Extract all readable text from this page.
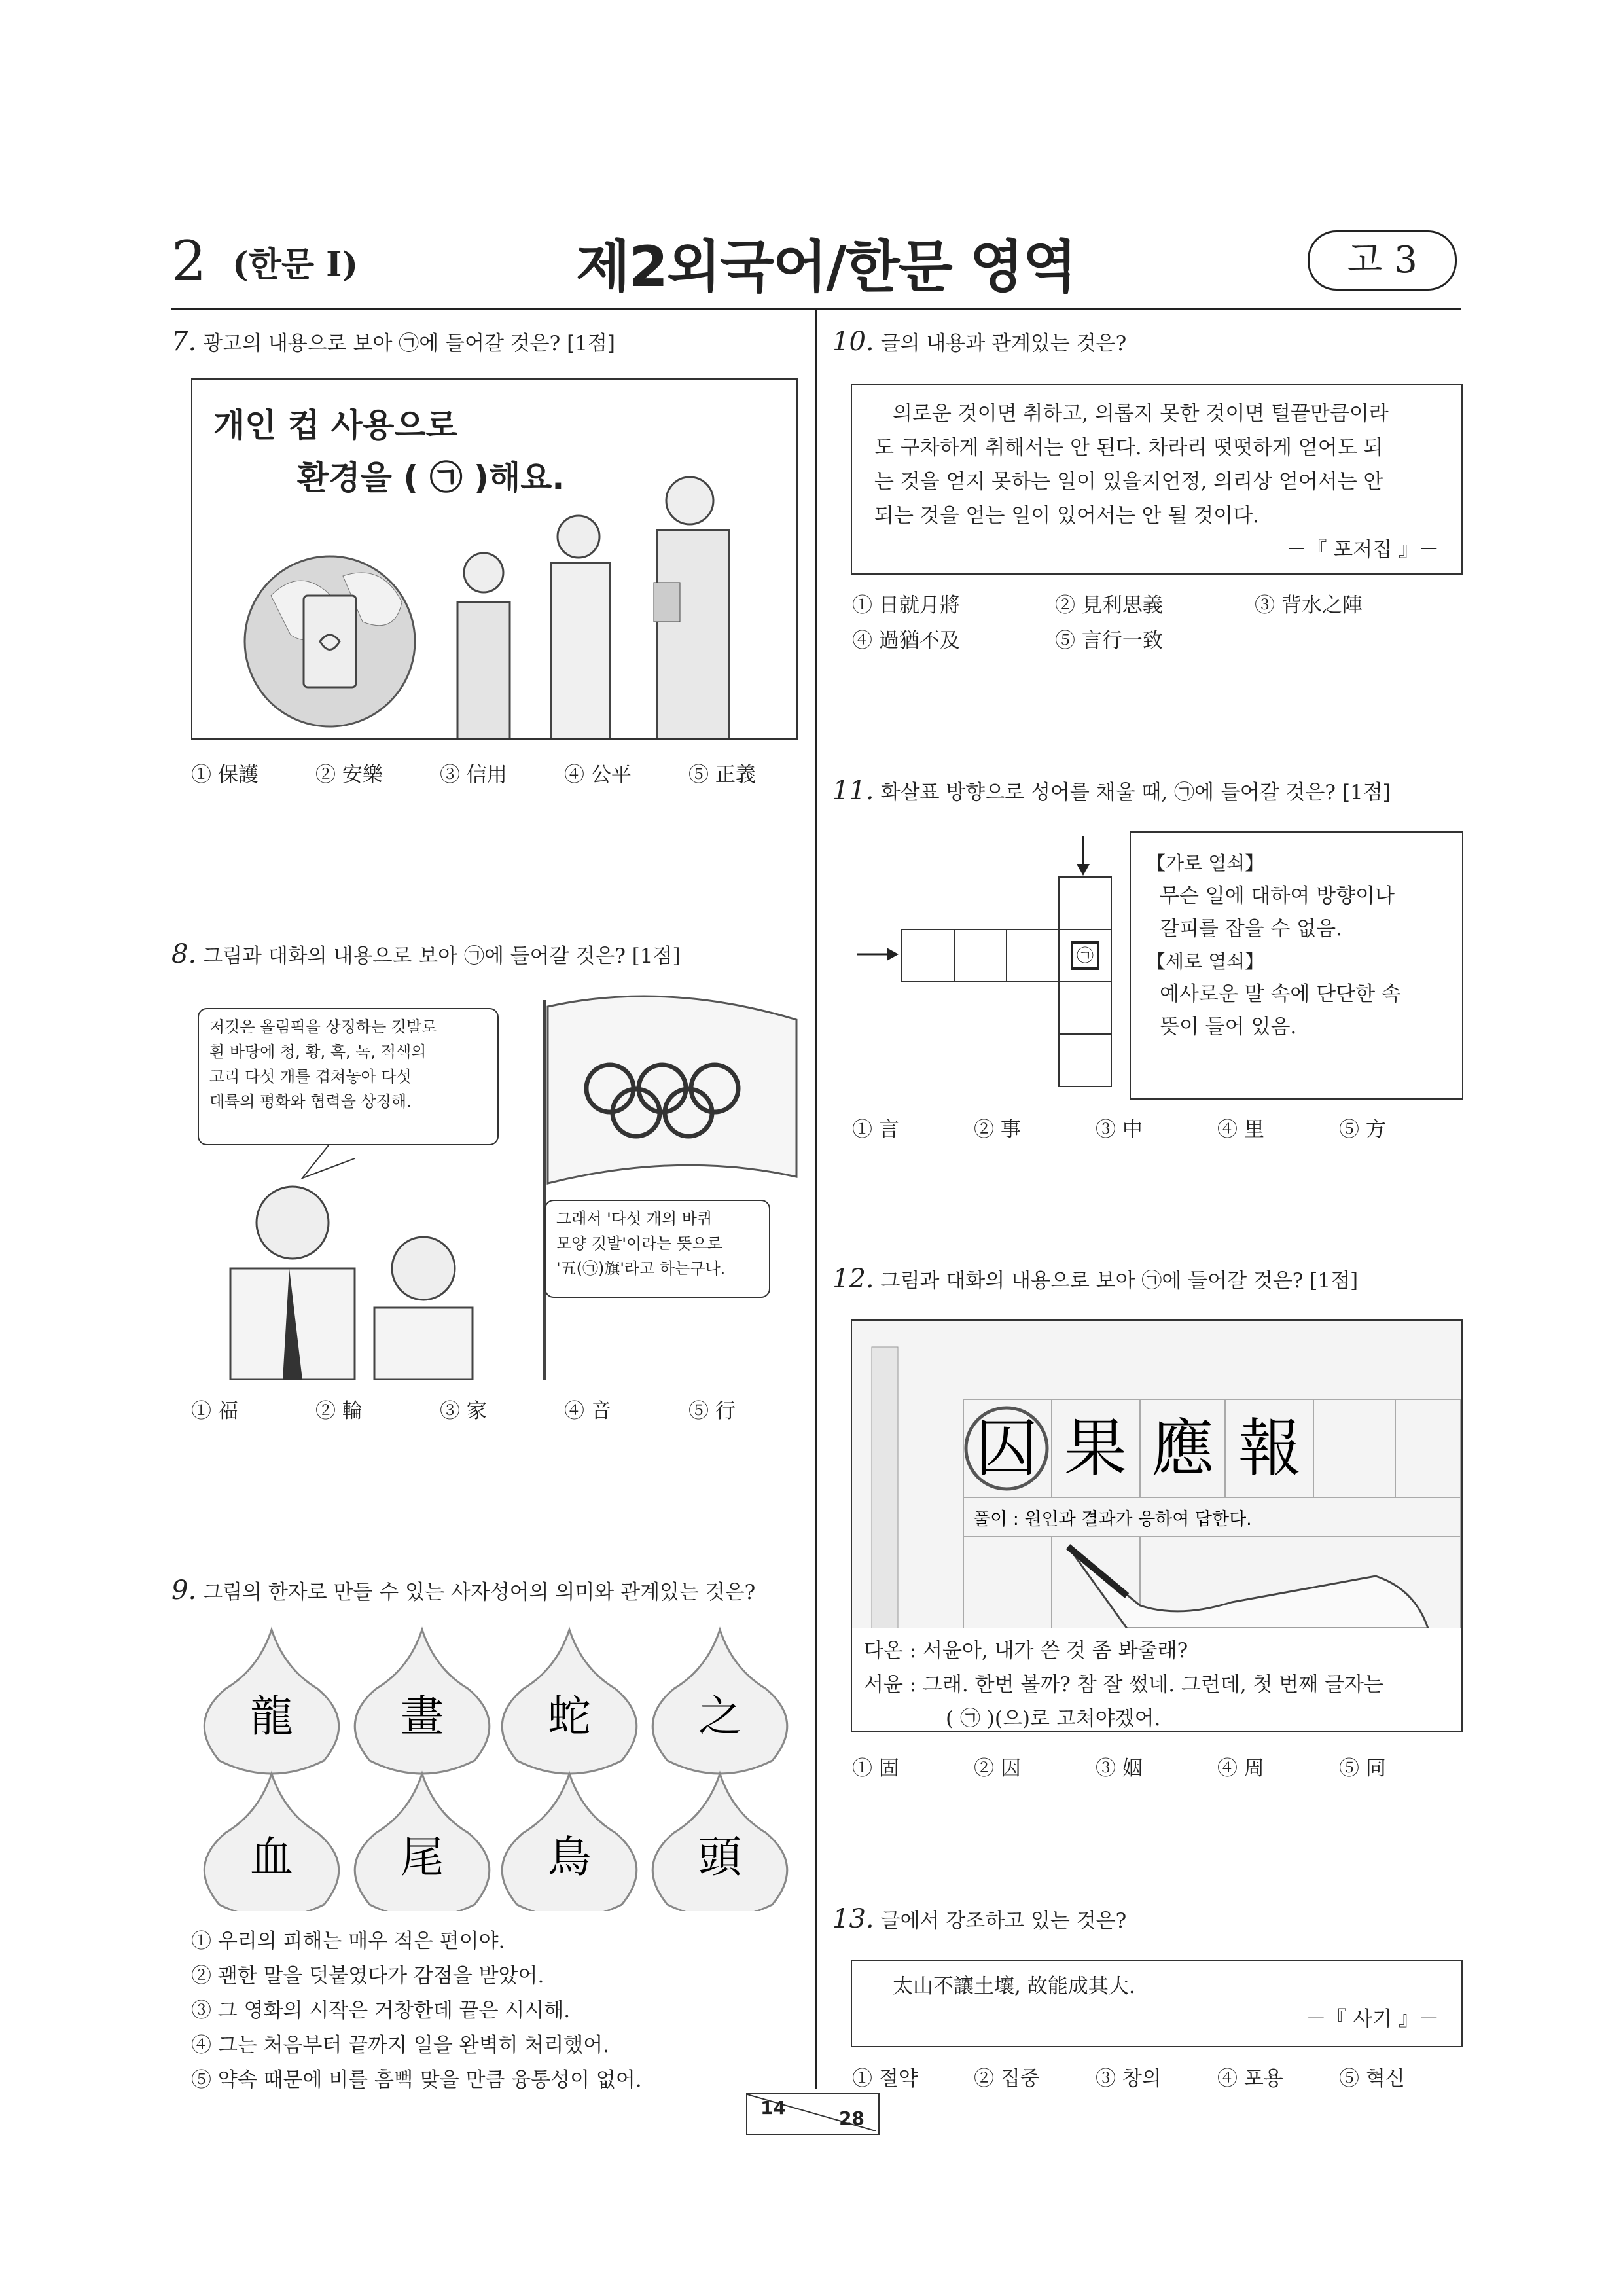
2 (한문 Ⅰ)	제2외국어/한문 영역	고 3
7. 광고의 내용으로 보아 ㉠에 들어갈 것은? [1점]
개인 컵 사용으로
환경을 ( ㉠ )해요.
① 保護	② 安樂	③ 信用	④ 公平	⑤ 正義
8. 그림과 대화의 내용으로 보아 ㉠에 들어갈 것은? [1점]
저것은 올림픽을 상징하는 깃발로
흰 바탕에 청, 황, 흑, 녹, 적색의
고리 다섯 개를 겹쳐놓아 다섯
대륙의 평화와 협력을 상징해.
그래서 '다섯 개의 바퀴
모양 깃발'이라는 뜻으로
'五(㉠)旗'라고 하는구나.
① 福	② 輪	③ 家	④ 音	⑤ 行
9. 그림의 한자로 만들 수 있는 사자성어의 의미와 관계있는 것은?
龍 畫 蛇 之
血 尾 鳥 頭
① 우리의 피해는 매우 적은 편이야.
② 괜한 말을 덧붙였다가 감점을 받았어.
③ 그 영화의 시작은 거창한데 끝은 시시해.
④ 그는 처음부터 끝까지 일을 완벽히 처리했어.
⑤ 약속 때문에 비를 흠뻑 맞을 만큼 융통성이 없어.
10. 글의 내용과 관계있는 것은?
의로운 것이면 취하고, 의롭지 못한 것이면 털끝만큼이라
도 구차하게 취해서는 안 된다. 차라리 떳떳하게 얻어도 되
는 것을 얻지 못하는 일이 있을지언정, 의리상 얻어서는 안
되는 것을 얻는 일이 있어서는 안 될 것이다.
－『 포저집 』－
① 日就月將	② 見利思義	③ 背水之陣
④ 過猶不及	⑤ 言行一致
11. 화살표 방향으로 성어를 채울 때, ㉠에 들어갈 것은? [1점]
㉠
【가로 열쇠】
무슨 일에 대하여 방향이나
갈피를 잡을 수 없음.
【세로 열쇠】
예사로운 말 속에 단단한 속
뜻이 들어 있음.
① 言	② 事	③ 中	④ 里	⑤ 方
12. 그림과 대화의 내용으로 보아 ㉠에 들어갈 것은? [1점]
囚 果 應 報
풀이 : 원인과 결과가 응하여 답한다.
다온 : 서윤아, 내가 쓴 것 좀 봐줄래?
서윤 : 그래. 한번 볼까? 참 잘 썼네. 그런데, 첫 번째 글자는
( ㉠ )(으)로 고쳐야겠어.
① 固	② 因	③ 姻	④ 周	⑤ 同
13. 글에서 강조하고 있는 것은?
太山不讓土壤, 故能成其大.
－『 사기 』－
① 절약	② 집중	③ 창의	④ 포용	⑤ 혁신
14	28
